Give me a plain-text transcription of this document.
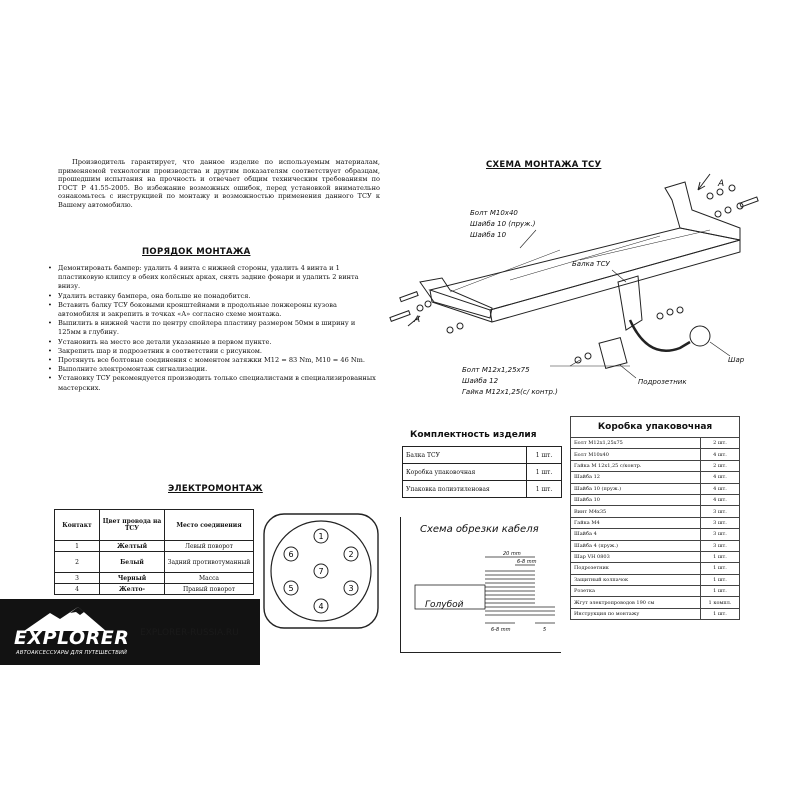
Производитель гарантирует, что данное изделие по используемым материалам, применяемой технологии производства и другим показателям соответствует образцам, прошедшим испытания на прочность и отвечает общим техническим требованиям по ГОСТ Р 41.55-2005. Во избежание возможных ошибок, перед установкой внимательно ознакомьтесь с инструкцией по монтажу и возможностью применения данного ТСУ к Вашему автомобилю.
ПОРЯДОК МОНТАЖА
• Демонтировать бампер: удалить 4 винта с нижней стороны, удалить 4 винта и 1 пластиковую клипсу в обеих колёсных арках, снять задние фонари и удалить 2 винта внизу.
• Удалить вставку бампера, она больше не понадобится.
• Вставить балку ТСУ боковыми кронштейнами в продольные лонжероны кузова автомобиля и закрепить в точках «А» согласно схеме монтажа.
• Выпилить в нижней части по центру спойлера пластину размером 50мм в ширину и 125мм в глубину.
• Установить на место все детали указанные в первом пункте.
• Закрепить шар и подрозетник в соответствии с рисунком.
• Протянуть все болтовые соединения с моментом затяжки М12 = 83 Nm, M10 = 46 Nm.
• Выполните электромонтаж сигнализации.
• Установку ТСУ рекомендуется производить только специалистами в специализированных мастерских.
ЭЛЕКТРОМОНТАЖ
Контакт	Цвет провода на ТСУ	Место соединения
1	Желтый	Левый поворот
2	Белый	Задний противотуманный
3	Черный	Масса
4	Желто-	Правый поворот
1
2
3
4
5
6
7
СХЕМА МОНТАЖА ТСУ
A
A
Болт М10х40
Шайба 10 (пруж.)
Шайба 10
Балка ТСУ
Болт М12х1,25х75
Шайба 12
Гайка М12х1,25(с/ контр.)
Подрозетник
Шар
Комплектность изделия
Балка ТСУ	1 шт.
Коробка упаковочная	1 шт.
Упаковка полиэтиленовая	1 шт.
Схема обрезки кабеля
20 mm
6-8 mm
6-8 mm	5
Голубой
Коробка упаковочная	
Болт M12x1,25x75	2 шт.
Болт M10x40	4 шт.
Гайка М 12x1,25 с/контр.	2 шт.
Шайба 12	4 шт.
Шайба 10 (пруж.)	4 шт.
Шайба 10	4 шт.
Винт M4x35	3 шт.
Гайка M4	3 шт.
Шайба 4	3 шт.
Шайба 4 (пруж.)	3 шт.
Шар VH 0803	1 шт.
Подрозетник	1 шт.
Защитный колпачок	1 шт.
Розетка	1 шт.
Жгут электропроводов 190 см	1 компл.
Инструкция по монтажу	1 шт.
EXPLORER
АВТОАКСЕССУАРЫ ДЛЯ ПУТЕШЕСТВИЙ
EXPLORER-RUSSIA.RU
